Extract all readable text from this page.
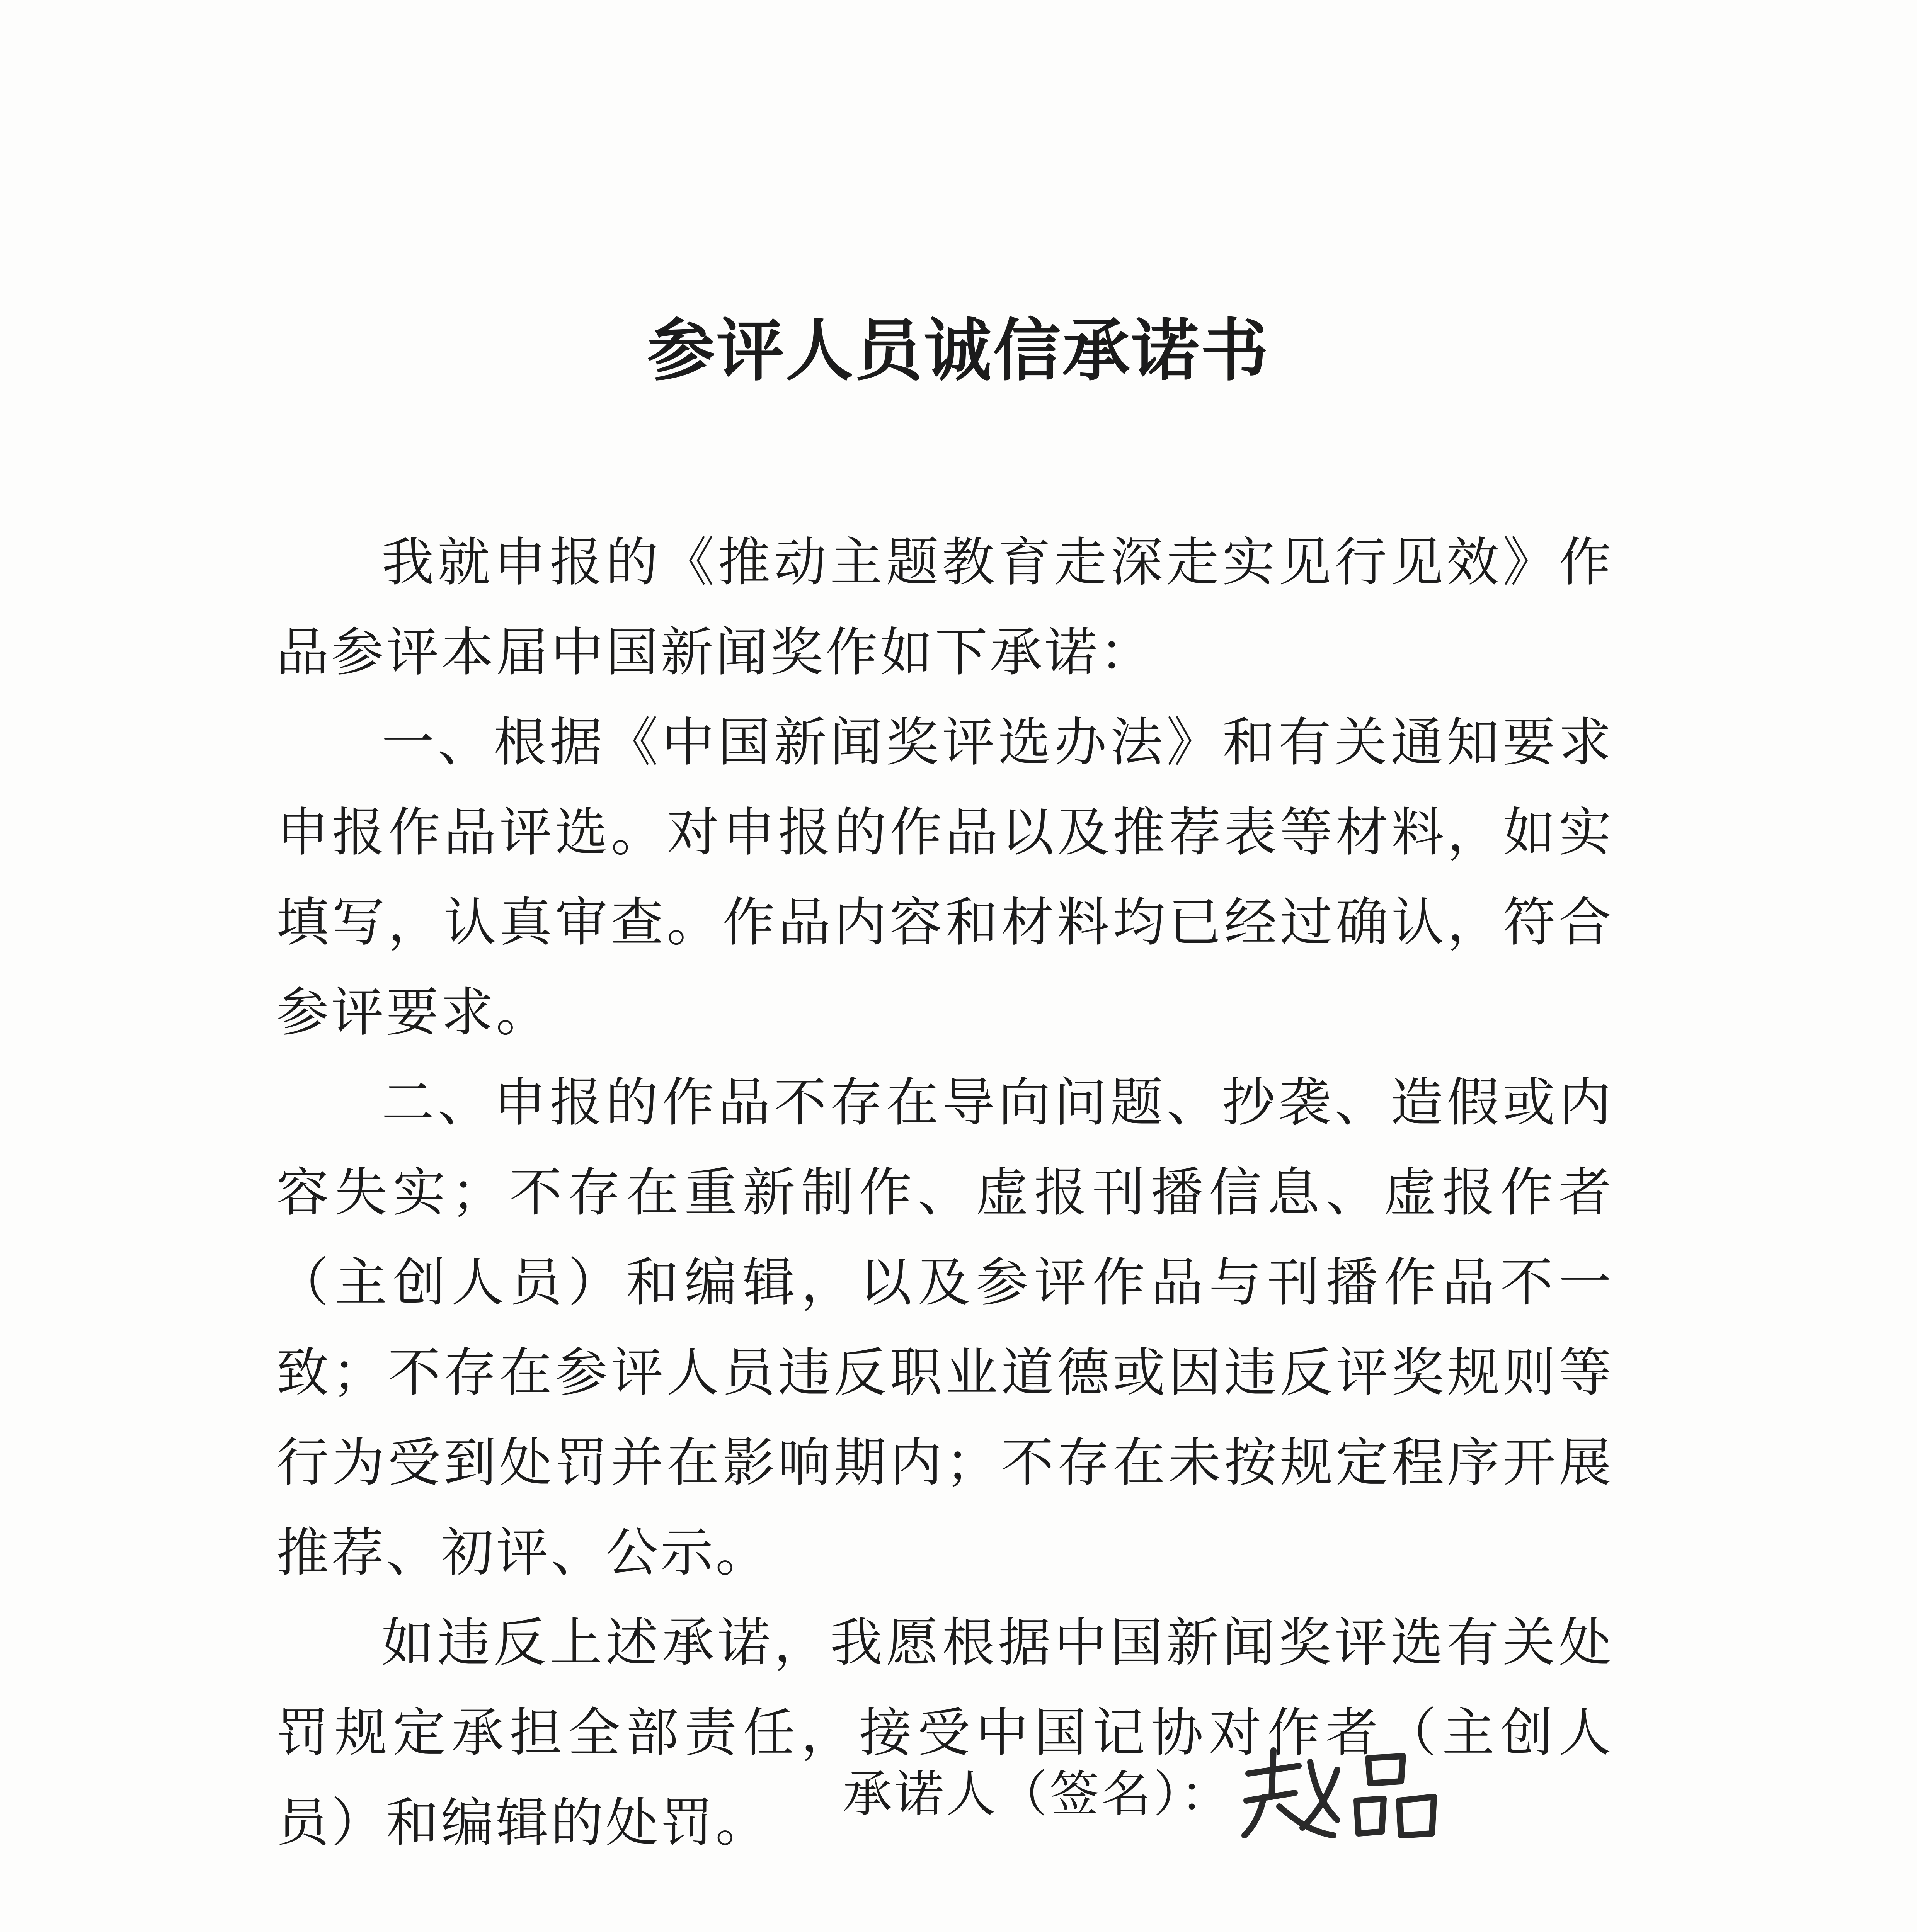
参评人员诚信承诺书

我就申报的《推动主题教育走深走实见行见效》作品参评本届中国新闻奖作如下承诺：

一、根据《中国新闻奖评选办法》和有关通知要求申报作品评选。对申报的作品以及推荐表等材料，如实填写，认真审查。作品内容和材料均已经过确认，符合参评要求。

二、申报的作品不存在导向问题、抄袭、造假或内容失实；不存在重新制作、虚报刊播信息、虚报作者（主创人员）和编辑，以及参评作品与刊播作品不一致；不存在参评人员违反职业道德或因违反评奖规则等行为受到处罚并在影响期内；不存在未按规定程序开展推荐、初评、公示。

如违反上述承诺，我愿根据中国新闻奖评选有关处罚规定承担全部责任，接受中国记协对作者（主创人员）和编辑的处罚。	承诺人（签名）：
